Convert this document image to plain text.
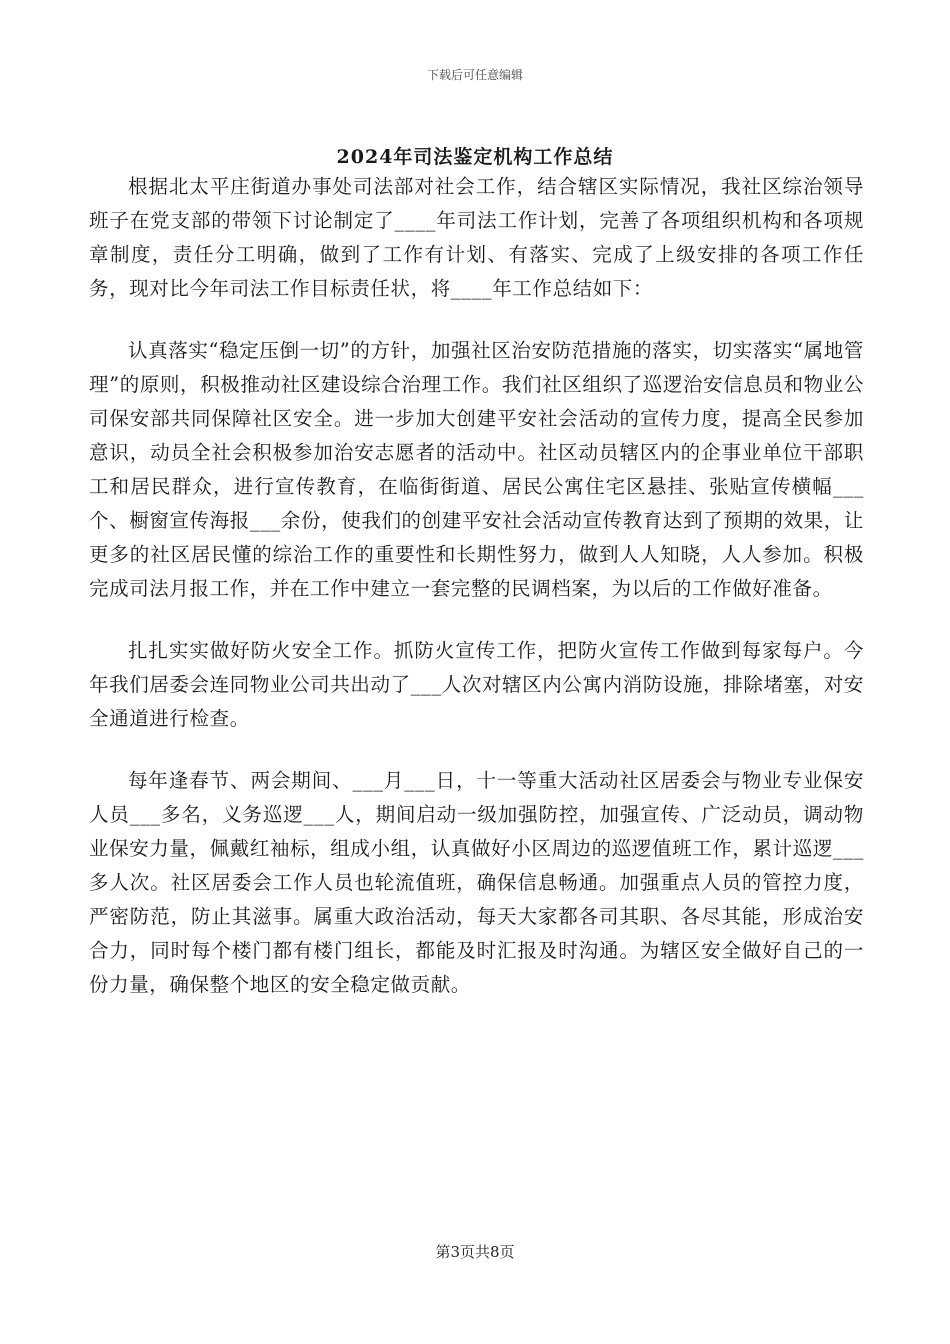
下载后可任意编辑
2024年司法鉴定机构工作总结

根据北太平庄街道办事处司法部对社会工作，结合辖区实际情况，我社区综治领导班子在党支部的带领下讨论制定了____年司法工作计划，完善了各项组织机构和各项规章制度，责任分工明确，做到了工作有计划、有落实、完成了上级安排的各项工作任务，现对比今年司法工作目标责任状，将____年工作总结如下：

认真落实“稳定压倒一切”的方针，加强社区治安防范措施的落实，切实落实“属地管理”的原则，积极推动社区建设综合治理工作。我们社区组织了巡逻治安信息员和物业公司保安部共同保障社区安全。进一步加大创建平安社会活动的宣传力度，提高全民参加意识，动员全社会积极参加治安志愿者的活动中。社区动员辖区内的企事业单位干部职工和居民群众，进行宣传教育，在临街街道、居民公寓住宅区悬挂、张贴宣传横幅___个、橱窗宣传海报___余份，使我们的创建平安社会活动宣传教育达到了预期的效果，让更多的社区居民懂的综治工作的重要性和长期性努力，做到人人知晓，人人参加。积极完成司法月报工作，并在工作中建立一套完整的民调档案，为以后的工作做好准备。

扎扎实实做好防火安全工作。抓防火宣传工作，把防火宣传工作做到每家每户。今年我们居委会连同物业公司共出动了___人次对辖区内公寓内消防设施，排除堵塞，对安全通道进行检查。

每年逢春节、两会期间、___月___日，十一等重大活动社区居委会与物业专业保安人员___多名，义务巡逻___人，期间启动一级加强防控，加强宣传、广泛动员，调动物业保安力量，佩戴红袖标，组成小组，认真做好小区周边的巡逻值班工作，累计巡逻___多人次。社区居委会工作人员也轮流值班，确保信息畅通。加强重点人员的管控力度，严密防范，防止其滋事。属重大政治活动，每天大家都各司其职、各尽其能，形成治安合力，同时每个楼门都有楼门组长，都能及时汇报及时沟通。为辖区安全做好自己的一份力量，确保整个地区的安全稳定做贡献。

第3页共8页
